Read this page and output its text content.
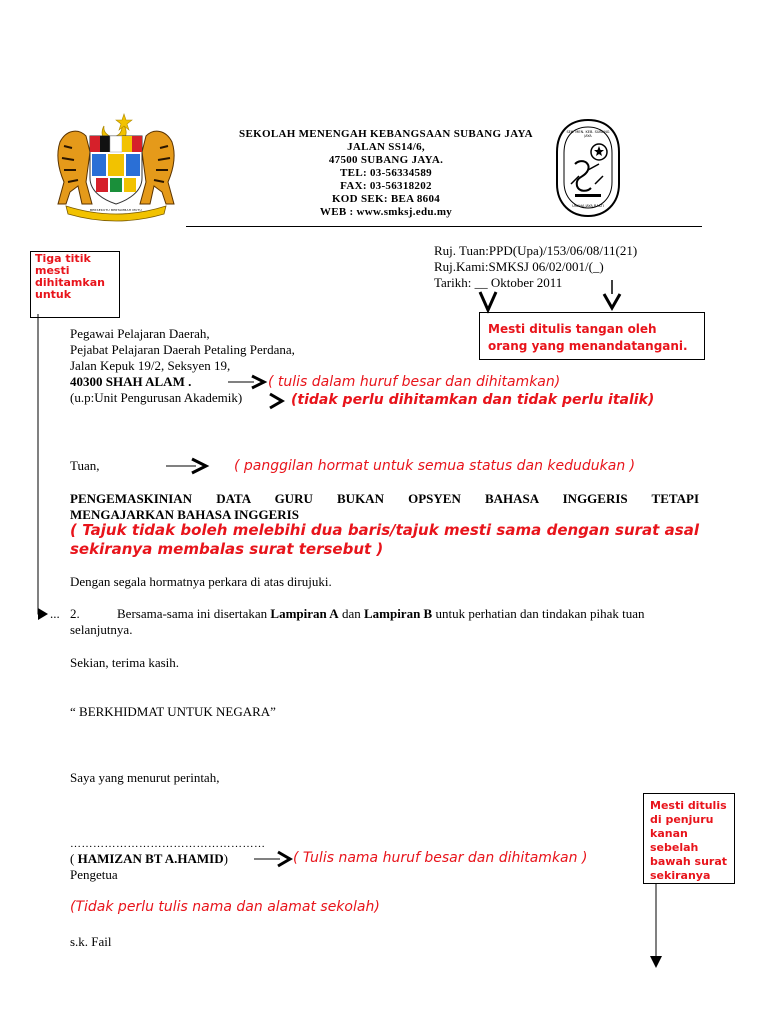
BERSEKUTU BERTAMBAH MUTU
SEKOLAH MENENGAH KEBANGSAAN SUBANG JAYA
JALAN SS14/6,
47500 SUBANG JAYA.
TEL: 03-56334589
FAX: 03-56318202
KOD SEK: BEA 8604
WEB : www.smksj.edu.my
SEK. MEN. KEB. SUBANG JAYA
USAHA JAYA BAKTI
Tiga titik mesti dihitamkan untuk
Mesti ditulis tangan oleh orang yang menandatangani.
Mesti ditulis di penjuru kanan sebelah bawah surat sekiranya
Ruj. Tuan:PPD(Upa)/153/06/08/11(21)
Ruj.Kami:SMKSJ 06/02/001/(_)
Tarikh: __ Oktober 2011
Pegawai Pelajaran Daerah,
Pejabat Pelajaran Daerah Petaling Perdana,
Jalan Kepuk 19/2, Seksyen 19,
40300 SHAH ALAM .
(u.p:Unit Pengurusan Akademik)
( tulis dalam huruf besar dan dihitamkan)
(tidak perlu dihitamkan dan tidak perlu italik)
Tuan,	( panggilan hormat untuk semua status dan kedudukan )
PENGEMASKINIAN DATA GURU BUKAN OPSYEN BAHASA INGGERIS TETAPI
MENGAJARKAN BAHASA INGGERIS
( Tajuk tidak boleh melebihi dua baris/tajuk mesti sama dengan surat asal sekiranya membalas surat tersebut )
Dengan segala hormatnya perkara di atas dirujuki.
... 2.	Bersama-sama ini disertakan Lampiran A dan Lampiran B untuk perhatian dan tindakan pihak tuan
selanjutnya.
Sekian, terima kasih.
“ BERKHIDMAT UNTUK NEGARA”
Saya yang menurut perintah,
……………………………………………
( HAMIZAN BT A.HAMID)	( Tulis nama huruf besar dan dihitamkan )
Pengetua
(Tidak perlu tulis nama dan alamat sekolah)
s.k. Fail
